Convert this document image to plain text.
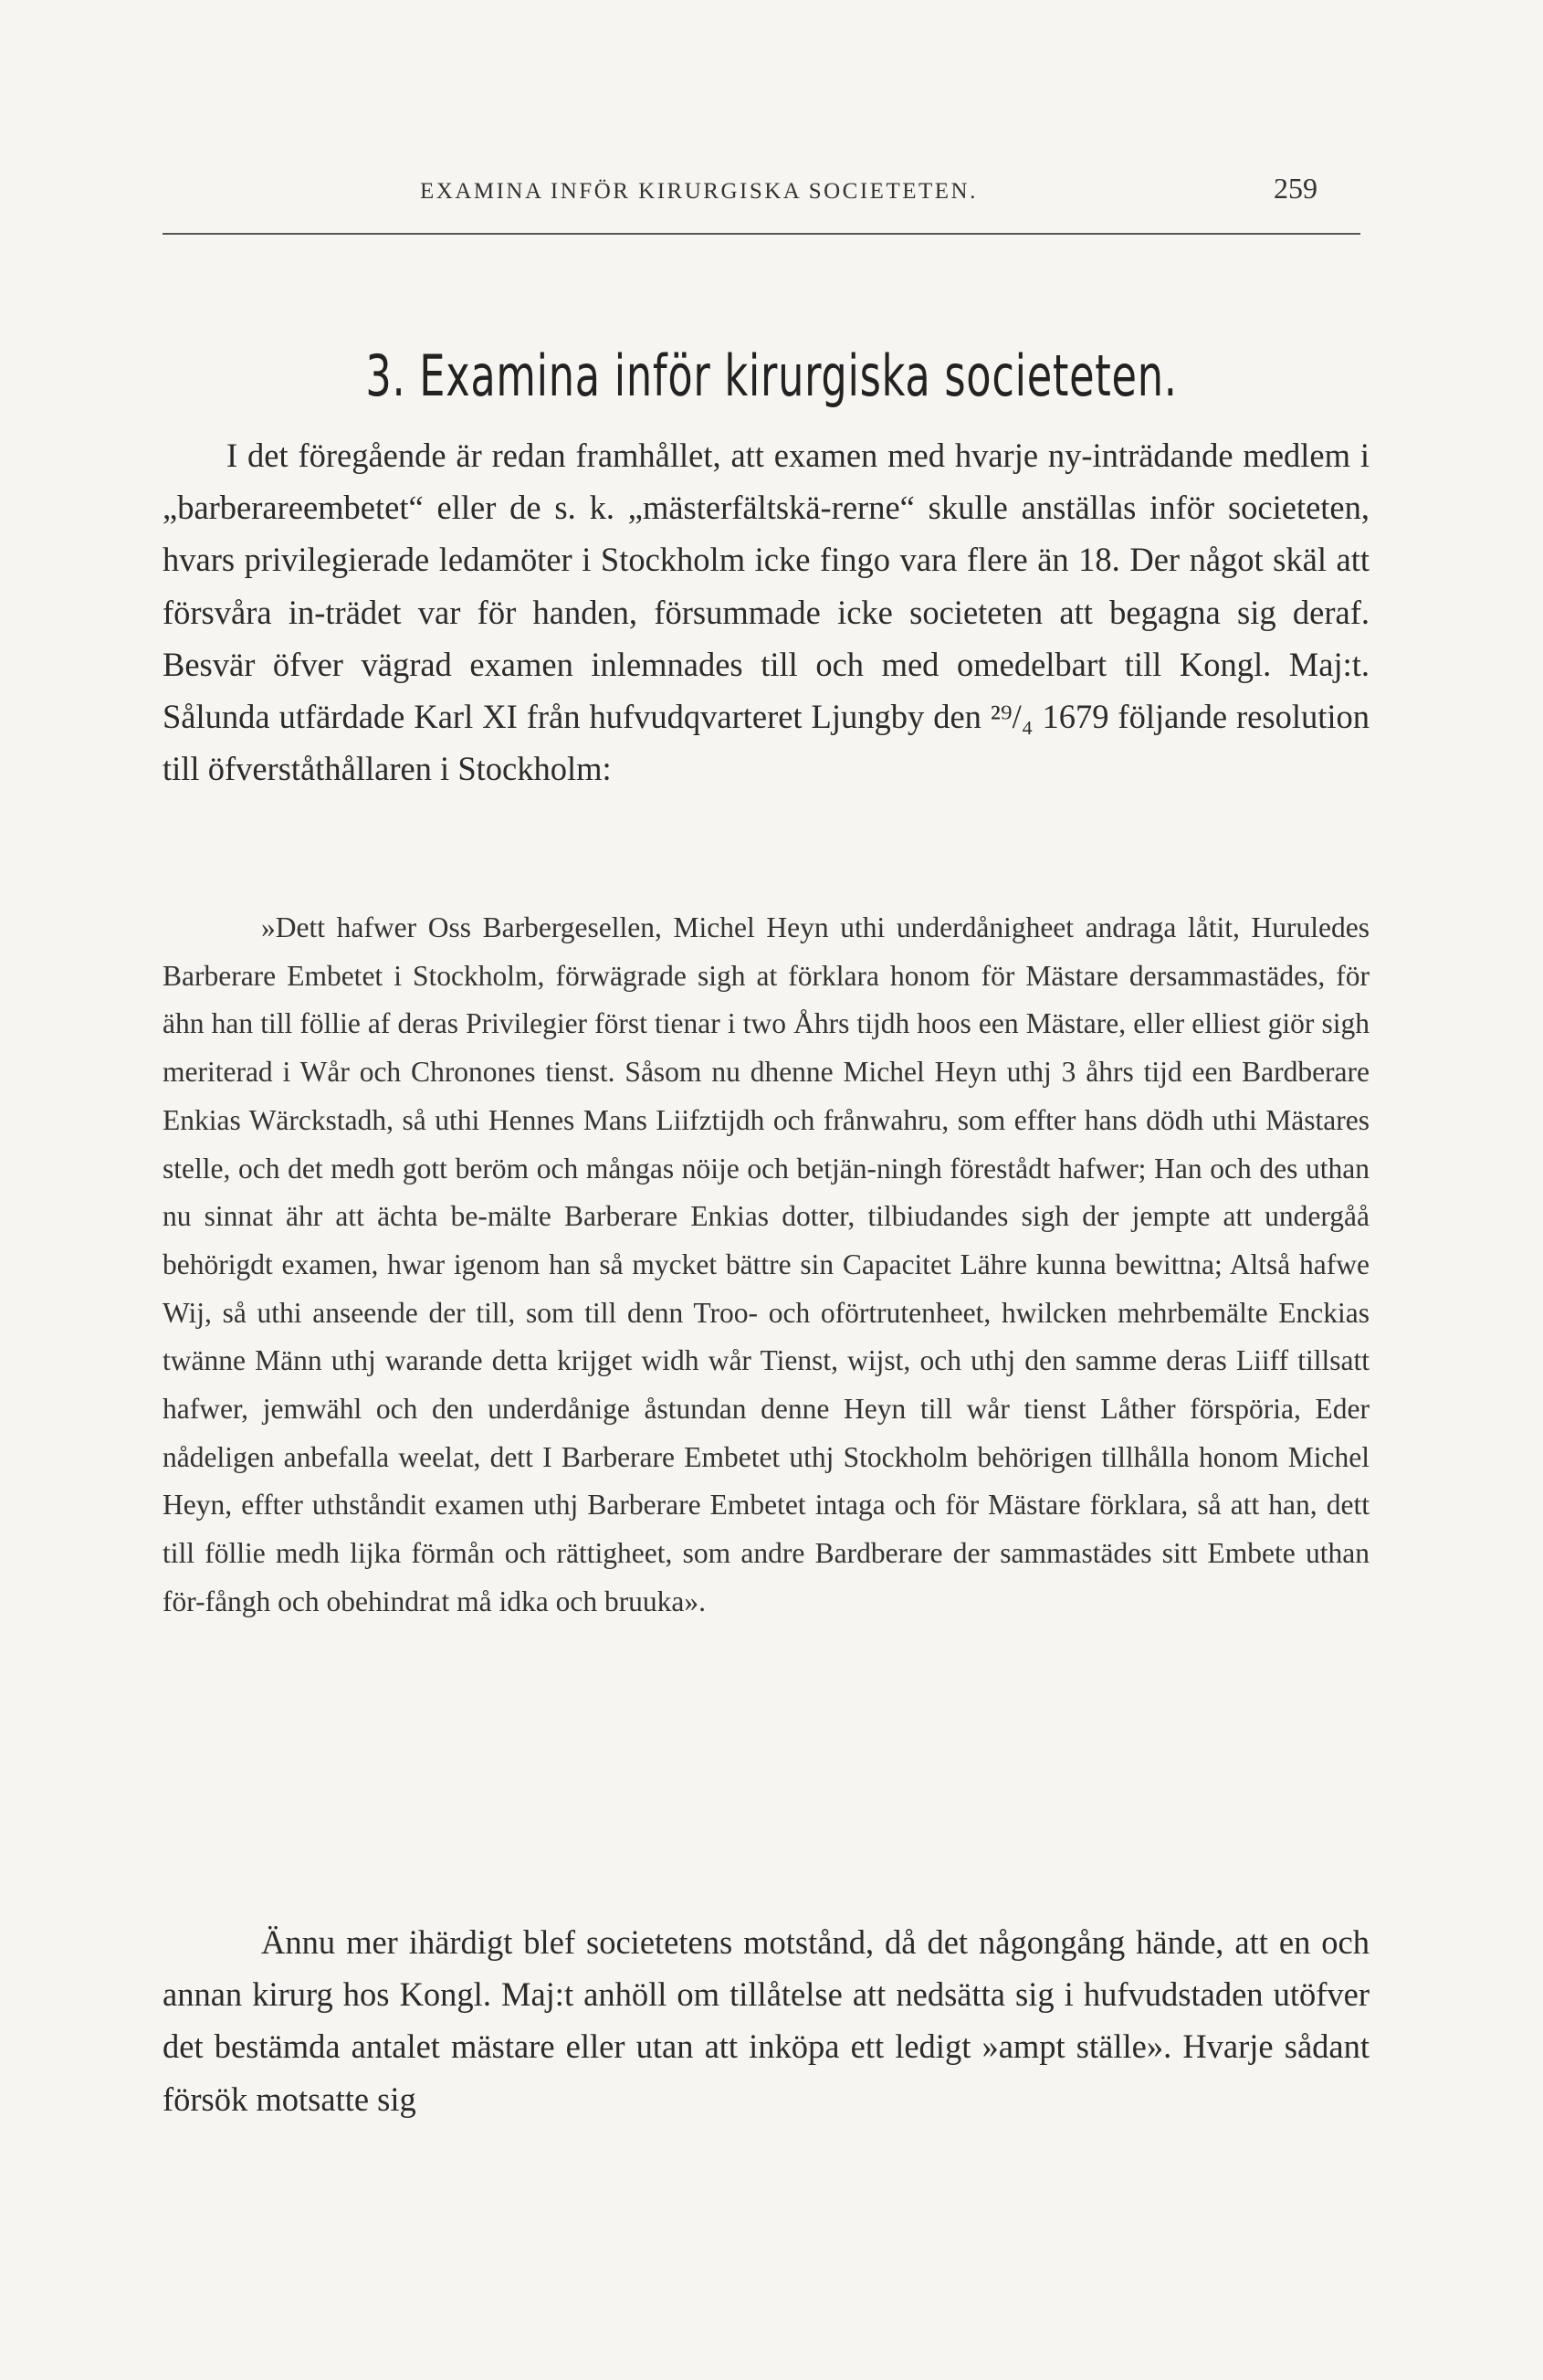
EXAMINA INFÖR KIRURGISKA SOCIETETEN.	259
3. Examina inför kirurgiska societeten.

I det föregående är redan framhållet, att examen med hvarje ny-inträdande medlem i „barberareembetet“ eller de s. k. „mästerfältskä-rerne“ skulle anställas inför societeten, hvars privilegierade ledamöter i Stockholm icke fingo vara flere än 18. Der något skäl att försvåra in-trädet var för handen, försummade icke societeten att begagna sig deraf. Besvär öfver vägrad examen inlemnades till och med omedelbart till Kongl. Maj:t. Sålunda utfärdade Karl XI från hufvudqvarteret Ljungby den ²⁹/₄ 1679 följande resolution till öfverståthållaren i Stockholm:

»Dett hafwer Oss Barbergesellen, Michel Heyn uthi underdånigheet andraga låtit, Huruledes Barberare Embetet i Stockholm, förwägrade sigh at förklara honom för Mästare dersammastädes, för ähn han till föllie af deras Privilegier först tienar i two Åhrs tijdh hoos een Mästare, eller elliest giör sigh meriterad i Wår och Chronones tienst. Såsom nu dhenne Michel Heyn uthj 3 åhrs tijd een Bardberare Enkias Wärckstadh, så uthi Hennes Mans Liifztijdh och frånwahru, som effter hans dödh uthi Mästares stelle, och det medh gott beröm och mångas nöije och betjän-ningh förestådt hafwer; Han och des uthan nu sinnat ähr att ächta be-mälte Barberare Enkias dotter, tilbiudandes sigh der jempte att undergåå behörigdt examen, hwar igenom han så mycket bättre sin Capacitet Lähre kunna bewittna; Altså hafwe Wij, så uthi anseende der till, som till denn Troo- och oförtrutenheet, hwilcken mehrbemälte Enckias twänne Männ uthj warande detta krijget widh wår Tienst, wijst, och uthj den samme deras Liiff tillsatt hafwer, jemwähl och den underdånige åstundan denne Heyn till wår tienst Låther förspöria, Eder nådeligen anbefalla weelat, dett I Barberare Embetet uthj Stockholm behörigen tillhålla honom Michel Heyn, effter uthståndit examen uthj Barberare Embetet intaga och för Mästare förklara, så att han, dett till föllie medh lijka förmån och rättigheet, som andre Bardberare der sammastädes sitt Embete uthan för-fångh och obehindrat må idka och bruuka».

Ännu mer ihärdigt blef societetens motstånd, då det någongång hände, att en och annan kirurg hos Kongl. Maj:t anhöll om tillåtelse att nedsätta sig i hufvudstaden utöfver det bestämda antalet mästare eller utan att inköpa ett ledigt »ampt ställe». Hvarje sådant försök motsatte sig
